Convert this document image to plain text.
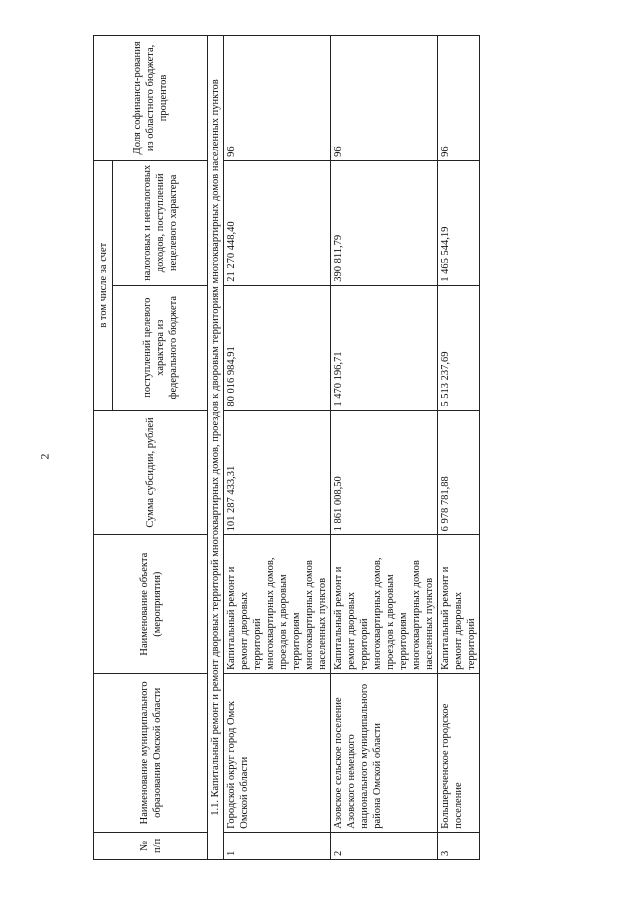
2
№ п/п	Наименование муниципального образования Омской области	Наименование объекта (мероприятия)	Сумма субсидии, рублей	в том числе за счет		Доля софинанси-рования из областного бюджета, процентов
				поступлений целевого характера из федерального бюджета	налоговых и неналоговых доходов, поступлений нецелевого характера	
1.1. Капитальный ремонт и ремонт дворовых территорий многоквартирных домов, проездов к дворовым территориям многоквартирных домов населенных пунктов						
1	Городской округ город Омск Омской области	Капитальный ремонт и ремонт дворовых территорий многоквартирных домов, проездов к дворовым территориям многоквартирных домов населенных пунктов	101 287 433,31	80 016 984,91	21 270 448,40	96
2	Азовское сельское поселение Азовского немецкого национального муниципального района Омской области	Капитальный ремонт и ремонт дворовых территорий многоквартирных домов, проездов к дворовым территориям многоквартирных домов населенных пунктов	1 861 008,50	1 470 196,71	390 811,79	96
3	Большереченское городское поселение	Капитальный ремонт и ремонт дворовых территорий	6 978 781,88	5 513 237,69	1 465 544,19	96
